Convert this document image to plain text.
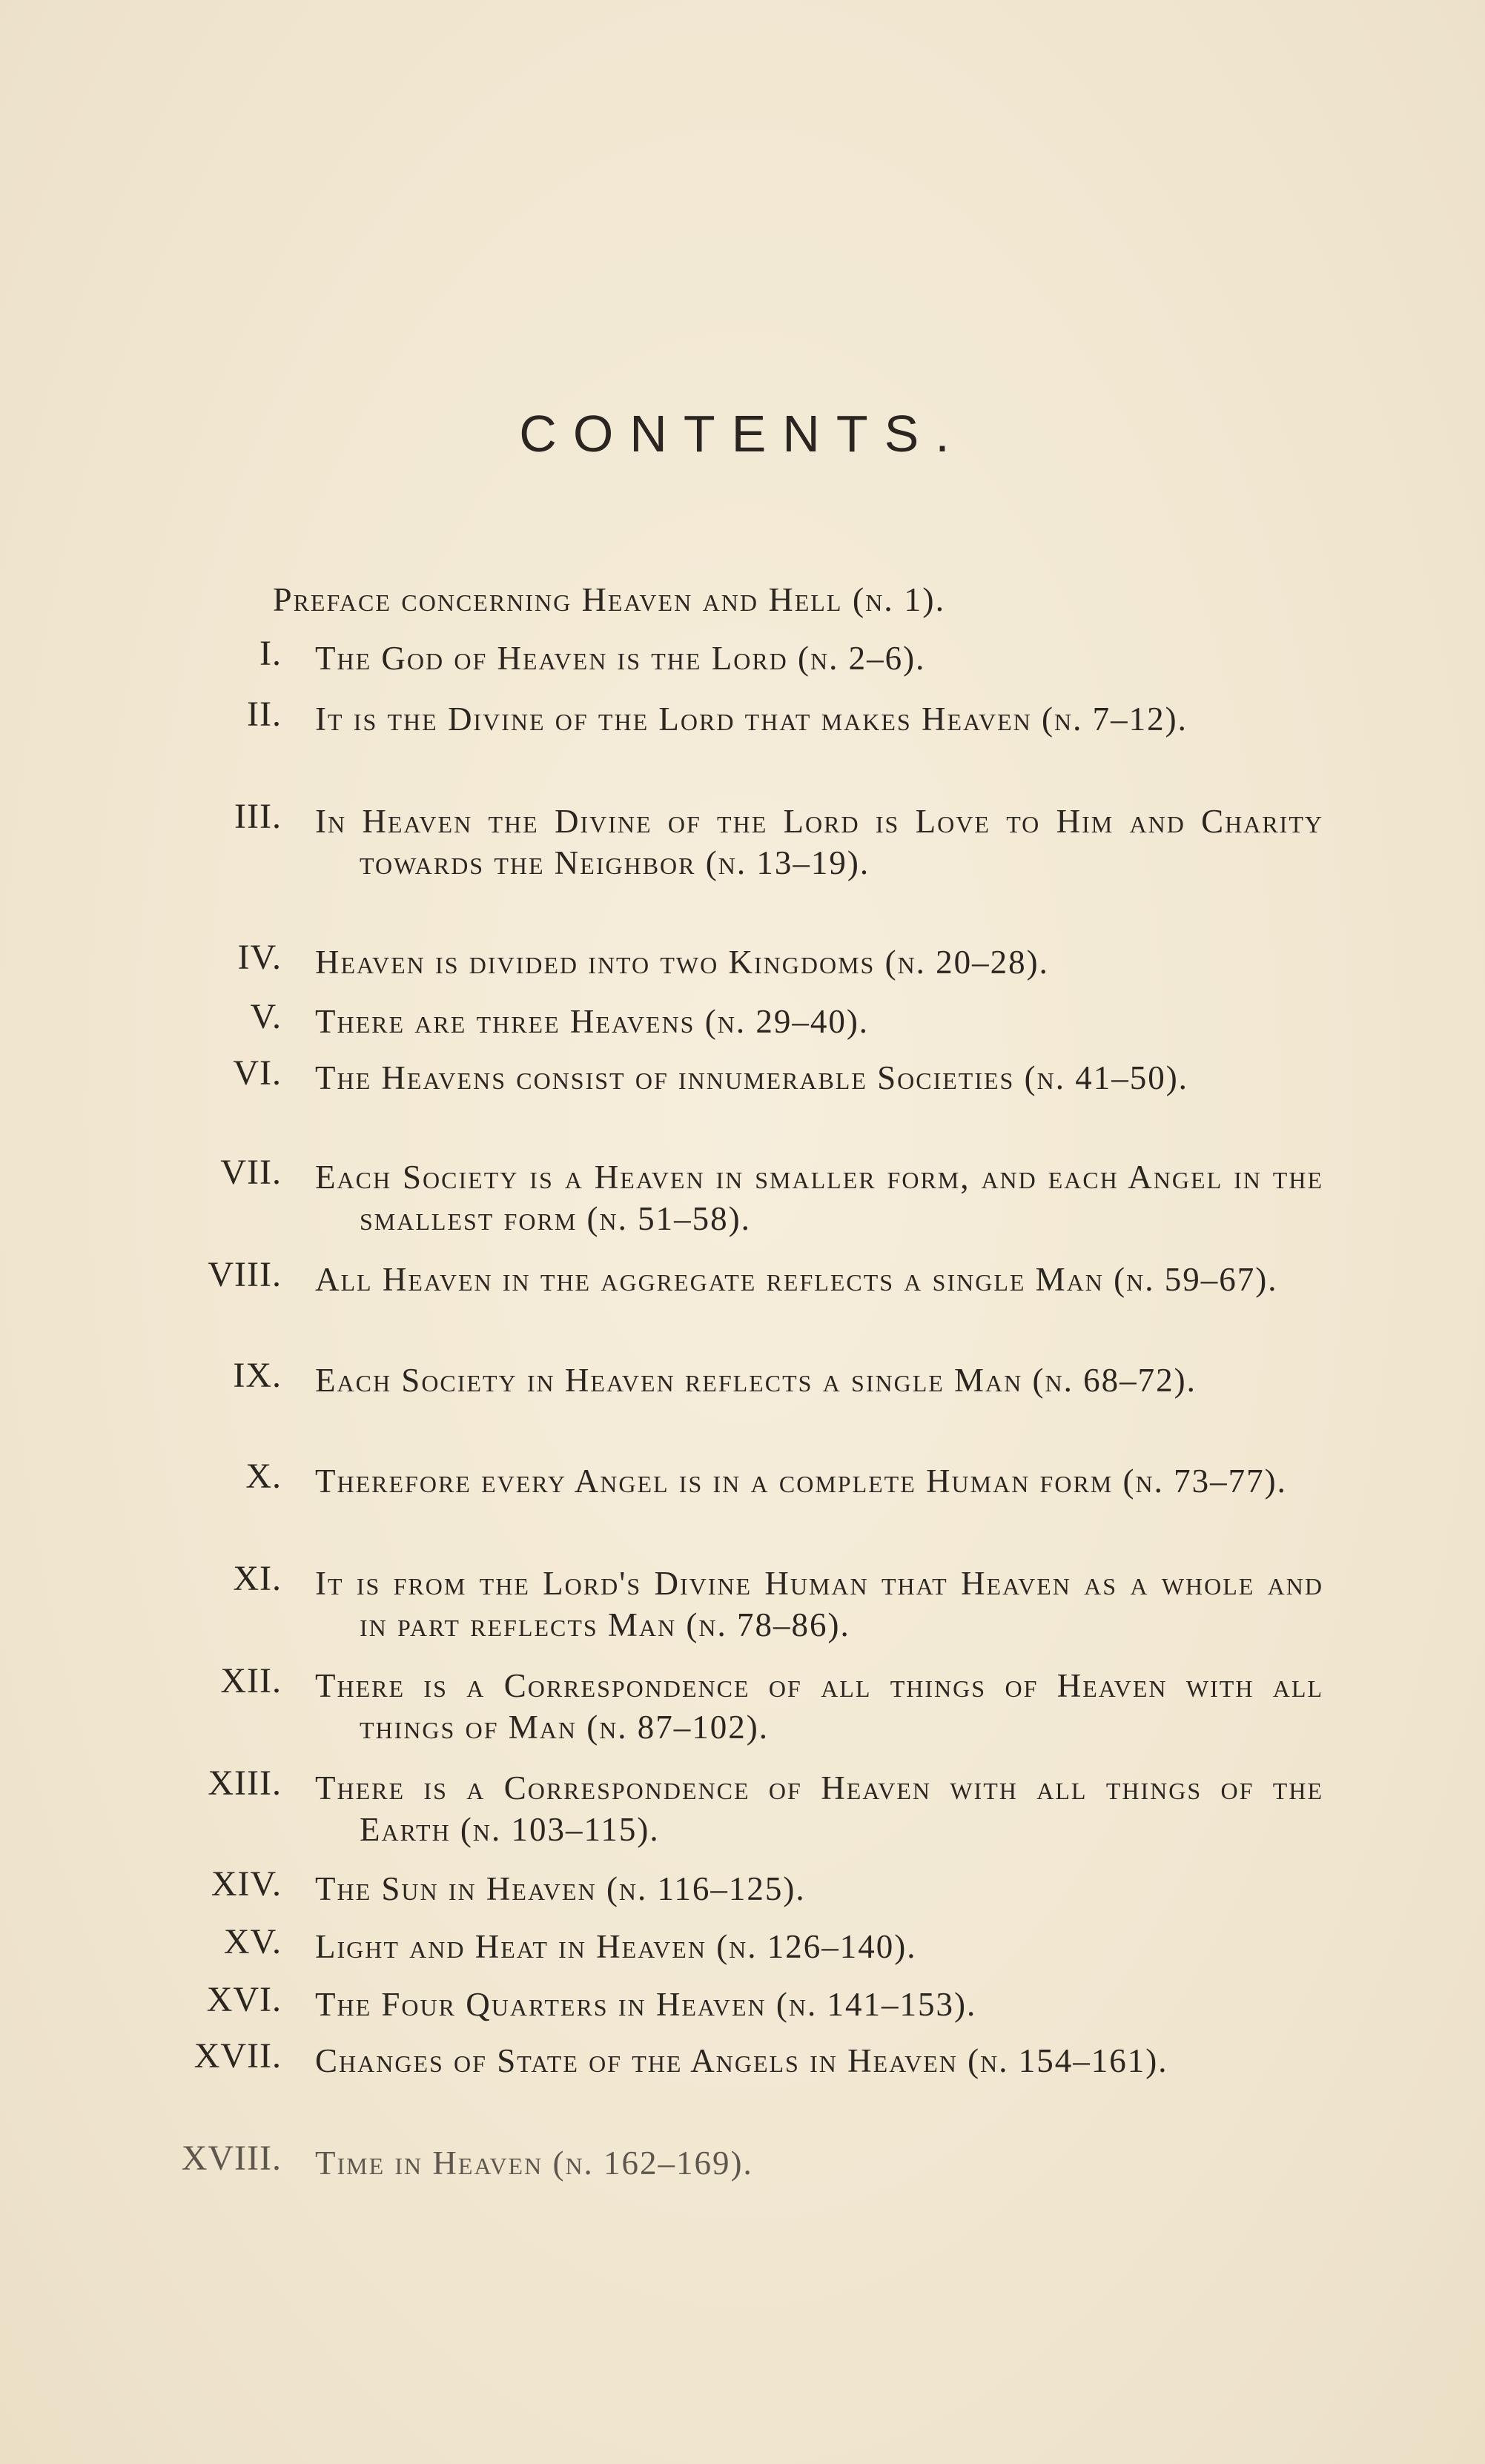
CONTENTS.
Preface concerning Heaven and Hell (n. 1).
I. The God of Heaven is the Lord (n. 2–6).
II. It is the Divine of the Lord that makes Heaven (n. 7–12).
III. In Heaven the Divine of the Lord is Love to Him and Charity towards the Neighbor (n. 13–19).
IV. Heaven is divided into two Kingdoms (n. 20–28).
V. There are three Heavens (n. 29–40).
VI. The Heavens consist of innumerable Societies (n. 41–50).
VII. Each Society is a Heaven in smaller form, and each Angel in the smallest form (n. 51–58).
VIII. All Heaven in the aggregate reflects a single Man (n. 59–67).
IX. Each Society in Heaven reflects a single Man (n. 68–72).
X. Therefore every Angel is in a complete Human form (n. 73–77).
XI. It is from the Lord's Divine Human that Heaven as a whole and in part reflects Man (n. 78–86).
XII. There is a Correspondence of all things of Heaven with all things of Man (n. 87–102).
XIII. There is a Correspondence of Heaven with all things of the Earth (n. 103–115).
XIV. The Sun in Heaven (n. 116–125).
XV. Light and Heat in Heaven (n. 126–140).
XVI. The Four Quarters in Heaven (n. 141–153).
XVII. Changes of State of the Angels in Heaven (n. 154–161).
XVIII. Time in Heaven (n. 162–169).
